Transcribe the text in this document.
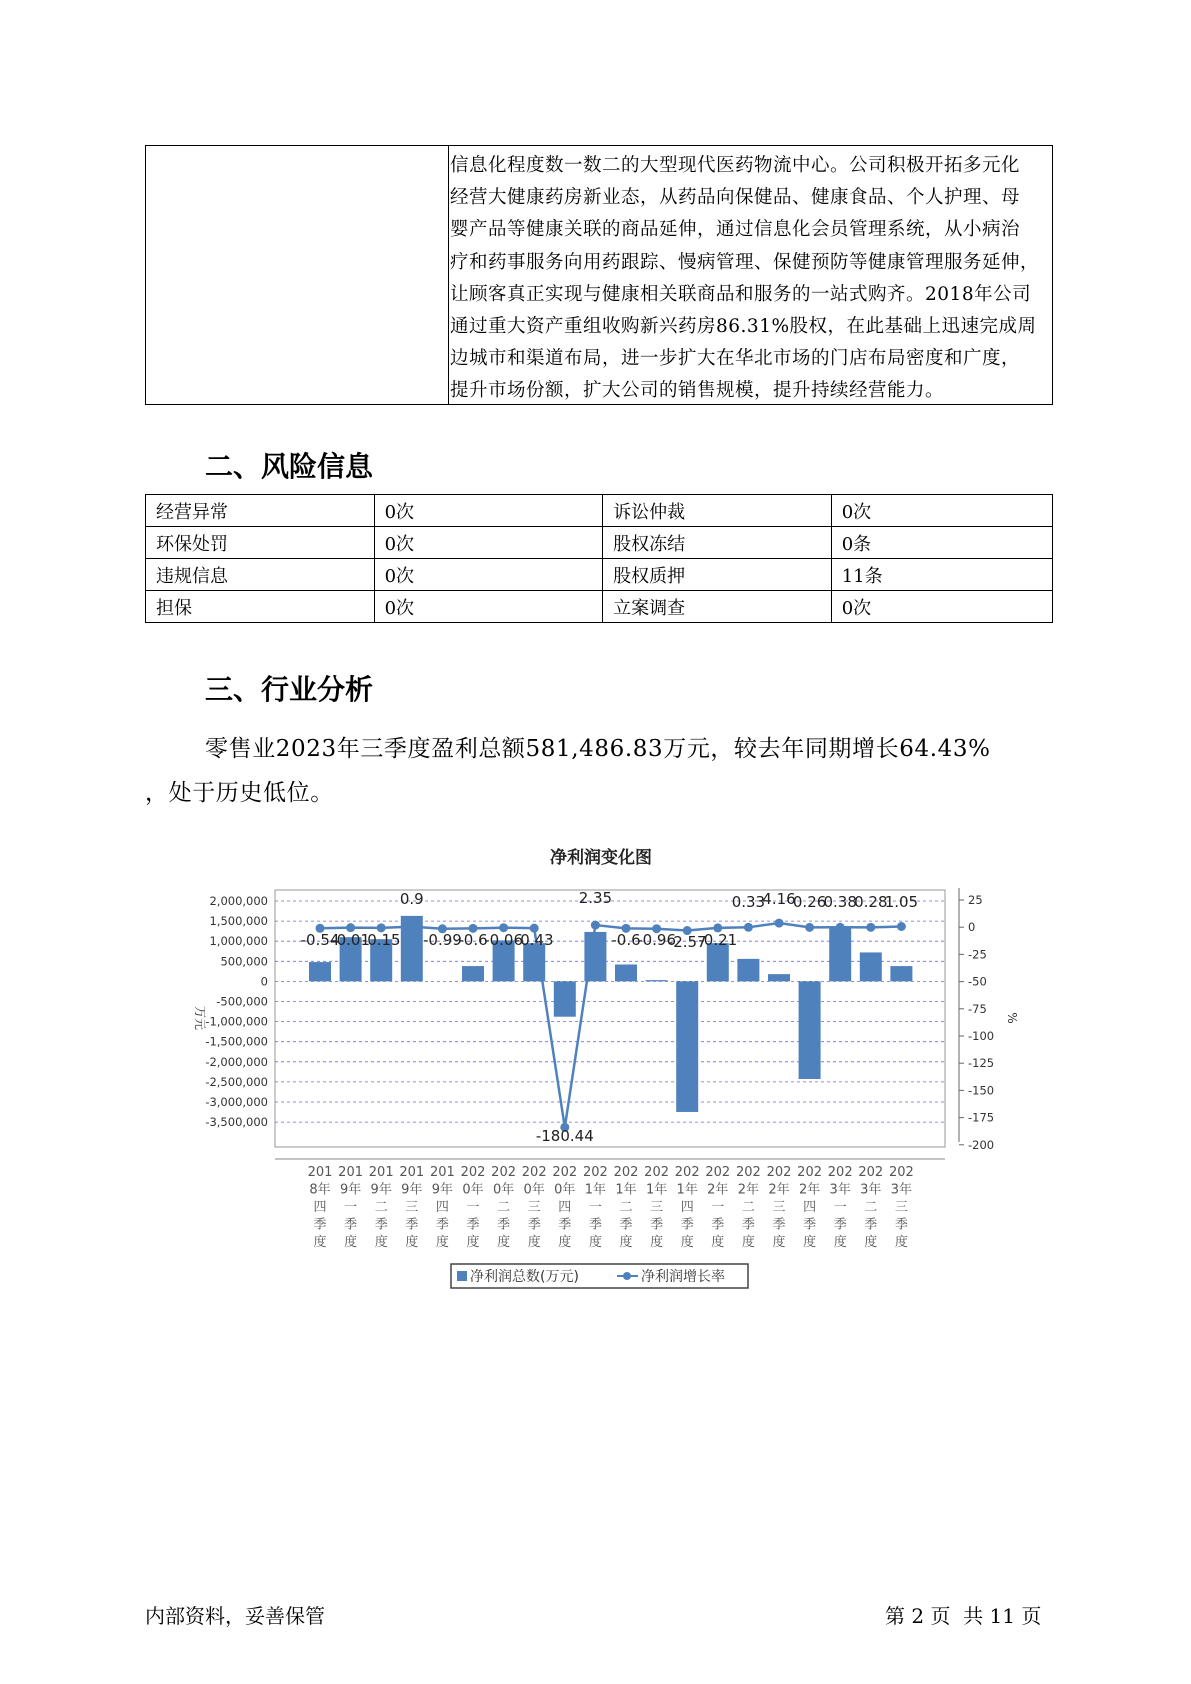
信息化程度数一数二的大型现代医药物流中心。公司积极开拓多元化
经营大健康药房新业态，从药品向保健品、健康食品、个人护理、母
婴产品等健康关联的商品延伸，通过信息化会员管理系统，从小病治
疗和药事服务向用药跟踪、慢病管理、保健预防等健康管理服务延伸，
让顾客真正实现与健康相关联商品和服务的一站式购齐。2018年公司
通过重大资产重组收购新兴药房86.31%股权，在此基础上迅速完成周
边城市和渠道布局，进一步扩大在华北市场的门店布局密度和广度，
提升市场份额，扩大公司的销售规模，提升持续经营能力。
二、风险信息
经营异常	0次	诉讼仲裁	0次
环保处罚	0次	股权冻结	0条
违规信息	0次	股权质押	11条
担保	0次	立案调查	0次
三、行业分析
零售业2023年三季度盈利总额581,486.83万元，较去年同期增长64.43%
，处于历史低位。
净利润变化图
2,000,000
1,500,000
1,000,000
500,000
0
-500,000
-1,000,000
-1,500,000
-2,000,000
-2,500,000
-3,000,000
-3,500,000
25
0
-25
-50
-75
-100
-125
-150
-175
-200
万元	%
-0.54
-0.01
-0.15
0.9
-0.99
-0.6
-0.06
-0.43
-180.44
2.35
-0.6
-0.96
-2.57
-0.21
0.33
4.16
0.26
0.38
0.28
1.05
201
8年
四
季
度
201
9年
一
季
度
201
9年
二
季
度
201
9年
三
季
度
201
9年
四
季
度
202
0年
一
季
度
202
0年
二
季
度
202
0年
三
季
度
202
0年
四
季
度
202
1年
一
季
度
202
1年
二
季
度
202
1年
三
季
度
202
1年
四
季
度
202
2年
一
季
度
202
2年
二
季
度
202
2年
三
季
度
202
2年
四
季
度
202
3年
一
季
度
202
3年
二
季
度
202
3年
三
季
度
净利润总数(万元)	净利润增长率
内部资料，妥善保管	第 2 页  共 11 页
